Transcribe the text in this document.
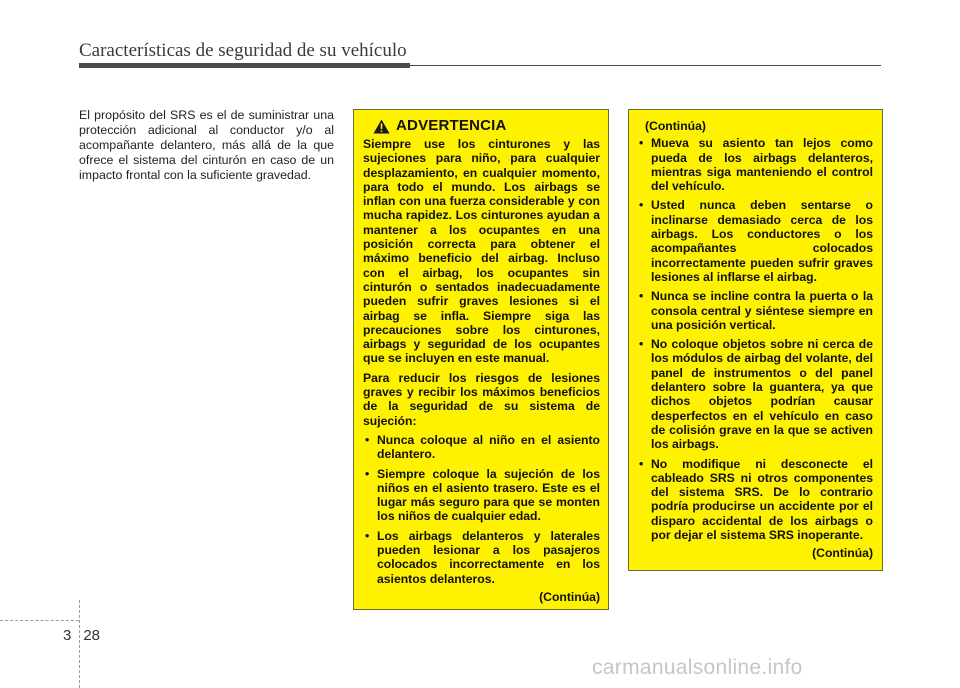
Características de seguridad de su vehículo
El propósito del SRS es el de suministrar una protección adicional al conductor y/o al acompañante delantero, más allá de la que ofrece el sistema del cinturón en caso de un impacto frontal con la suficiente gravedad.
ADVERTENCIA

Siempre use los cinturones y las sujeciones para niño, para cualquier desplazamiento, en cualquier momento, para todo el mundo. Los airbags se inflan con una fuerza considerable y con mucha rapidez. Los cinturones ayudan a mantener a los ocupantes en una posición correcta para obtener el máximo beneficio del airbag. Incluso con el airbag, los ocupantes sin cinturón o sentados inadecuadamente pueden sufrir graves lesiones si el airbag se infla. Siempre siga las precauciones sobre los cinturones, airbags y seguridad de los ocupantes que se incluyen en este manual.

Para reducir los riesgos de lesiones graves y recibir los máximos beneficios de la seguridad de su sistema de sujeción:

• Nunca coloque al niño en el asiento delantero.
• Siempre coloque la sujeción de los niños en el asiento trasero. Este es el lugar más seguro para que se monten los niños de cualquier edad.
• Los airbags delanteros y laterales pueden lesionar a los pasajeros colocados incorrectamente en los asientos delanteros.
(Continúa)
(Continúa)
• Mueva su asiento tan lejos como pueda de los airbags delanteros, mientras siga manteniendo el control del vehículo.
• Usted nunca deben sentarse o inclinarse demasiado cerca de los airbags. Los conductores o los acompañantes colocados incorrectamente pueden sufrir graves lesiones al inflarse el airbag.
• Nunca se incline contra la puerta o la consola central y siéntese siempre en una posición vertical.
• No coloque objetos sobre ni cerca de los módulos de airbag del volante, del panel de instrumentos o del panel delantero sobre la guantera, ya que dichos objetos podrían causar desperfectos en el vehículo en caso de colisión grave en la que se activen los airbags.
• No modifique ni desconecte el cableado SRS ni otros componentes del sistema SRS. De lo contrario podría producirse un accidente por el disparo accidental de los airbags o por dejar el sistema SRS inoperante.
(Continúa)
3 28
carmanualsonline.info
